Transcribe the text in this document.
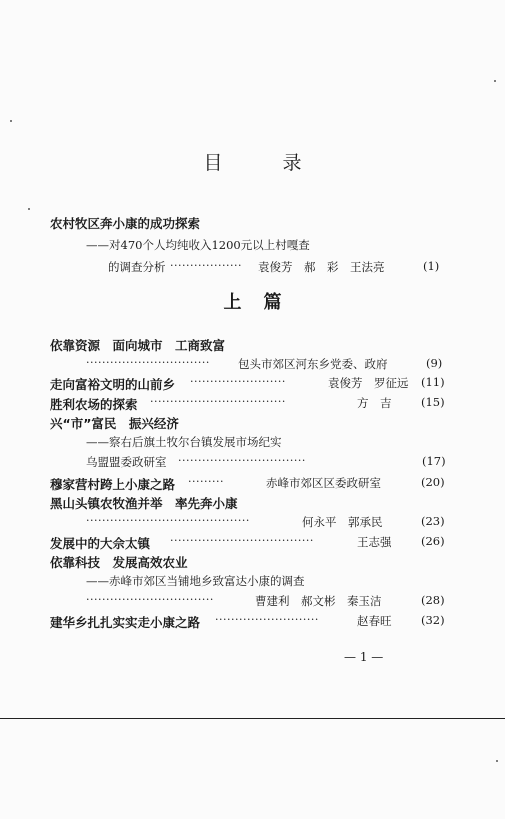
目录
农村牧区奔小康的成功探索
——对470个人均纯收入1200元以上村嘎查
的调查分析 ·················· 袁俊芳　郝　彩　王法亮	(1)
上篇
依靠资源　面向城市　工商致富
······························· 包头市郊区河东乡党委、政府	(9)
走向富裕文明的山前乡 ························	袁俊芳　罗征远 (11)
胜利农场的探索 ··································	方　吉	(15)
兴“市”富民　振兴经济
——察右后旗土牧尔台镇发展市场纪实
乌盟盟委政研室 ································	(17)
穆家营村跨上小康之路 ·········	赤峰市郊区区委政研室	(20)
黑山头镇农牧渔并举　率先奔小康
·········································	何永平　郭承民	(23)
发展中的大佘太镇 ····································	王志强	(26)
依靠科技　发展高效农业
——赤峰市郊区当铺地乡致富达小康的调查
································	曹建利　郝文彬　秦玉洁	(28)
建华乡扎扎实实走小康之路 ··························	赵春旺	(32)
— 1 —
